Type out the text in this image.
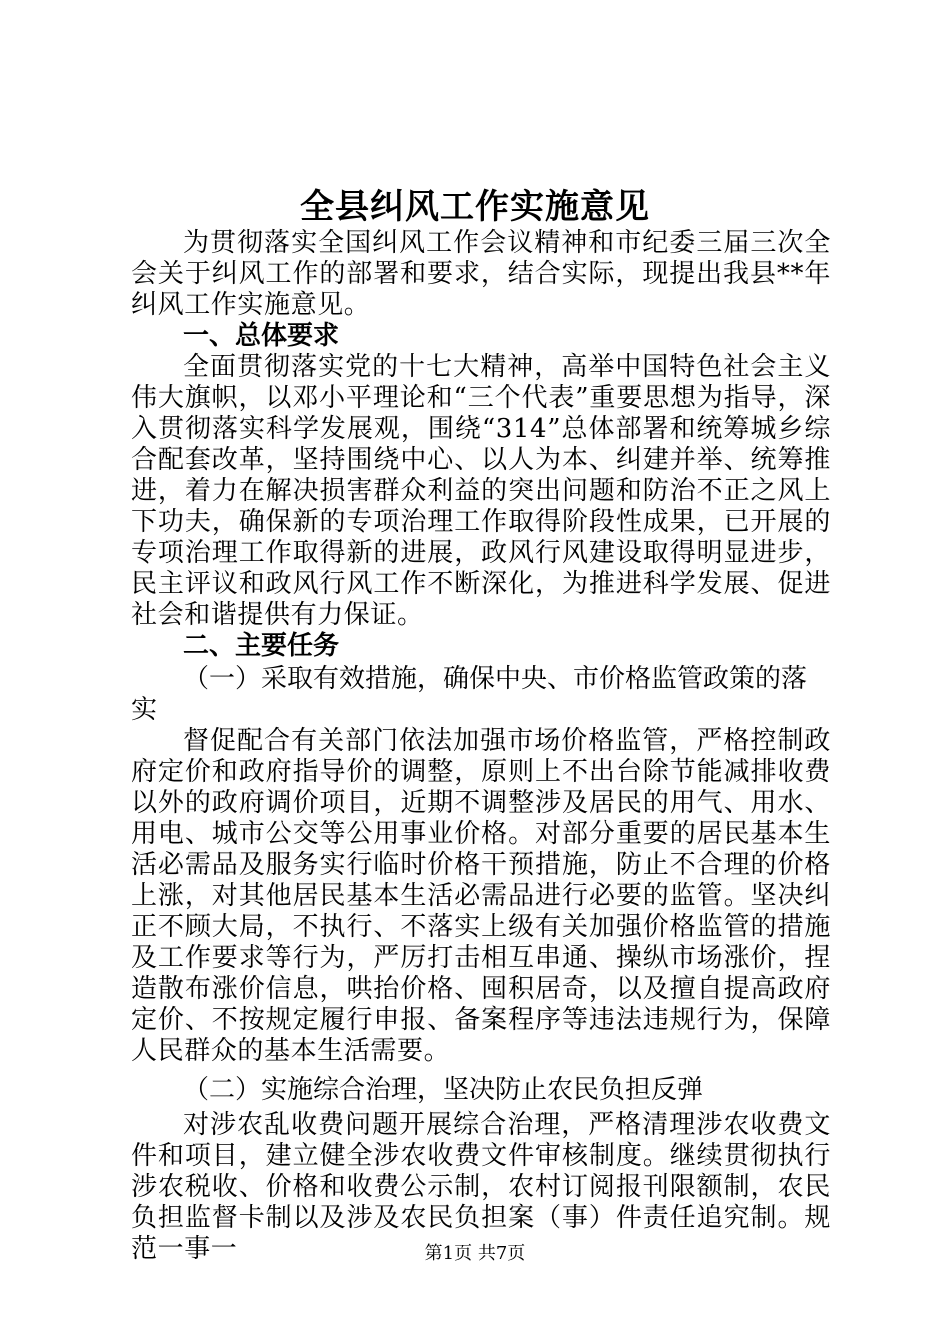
全县纠风工作实施意见

为贯彻落实全国纠风工作会议精神和市纪委三届三次全会关于纠风工作的部署和要求，结合实际，现提出我县**年纠风工作实施意见。

一、总体要求

全面贯彻落实党的十七大精神，高举中国特色社会主义伟大旗帜，以邓小平理论和“三个代表”重要思想为指导，深入贯彻落实科学发展观，围绕“314”总体部署和统筹城乡综合配套改革，坚持围绕中心、以人为本、纠建并举、统筹推进，着力在解决损害群众利益的突出问题和防治不正之风上下功夫，确保新的专项治理工作取得阶段性成果，已开展的专项治理工作取得新的进展，政风行风建设取得明显进步，民主评议和政风行风工作不断深化，为推进科学发展、促进社会和谐提供有力保证。

二、主要任务

（一）采取有效措施，确保中央、市价格监管政策的落实

督促配合有关部门依法加强市场价格监管，严格控制政府定价和政府指导价的调整，原则上不出台除节能减排收费以外的政府调价项目，近期不调整涉及居民的用气、用水、用电、城市公交等公用事业价格。对部分重要的居民基本生活必需品及服务实行临时价格干预措施，防止不合理的价格上涨，对其他居民基本生活必需品进行必要的监管。坚决纠正不顾大局，不执行、不落实上级有关加强价格监管的措施及工作要求等行为，严厉打击相互串通、操纵市场涨价，捏造散布涨价信息，哄抬价格、囤积居奇，以及擅自提高政府定价、不按规定履行申报、备案程序等违法违规行为，保障人民群众的基本生活需要。

（二）实施综合治理，坚决防止农民负担反弹

对涉农乱收费问题开展综合治理，严格清理涉农收费文件和项目，建立健全涉农收费文件审核制度。继续贯彻执行涉农税收、价格和收费公示制，农村订阅报刊限额制，农民负担监督卡制以及涉及农民负担案（事）件责任追究制。规范一事一	第1页 共7页
